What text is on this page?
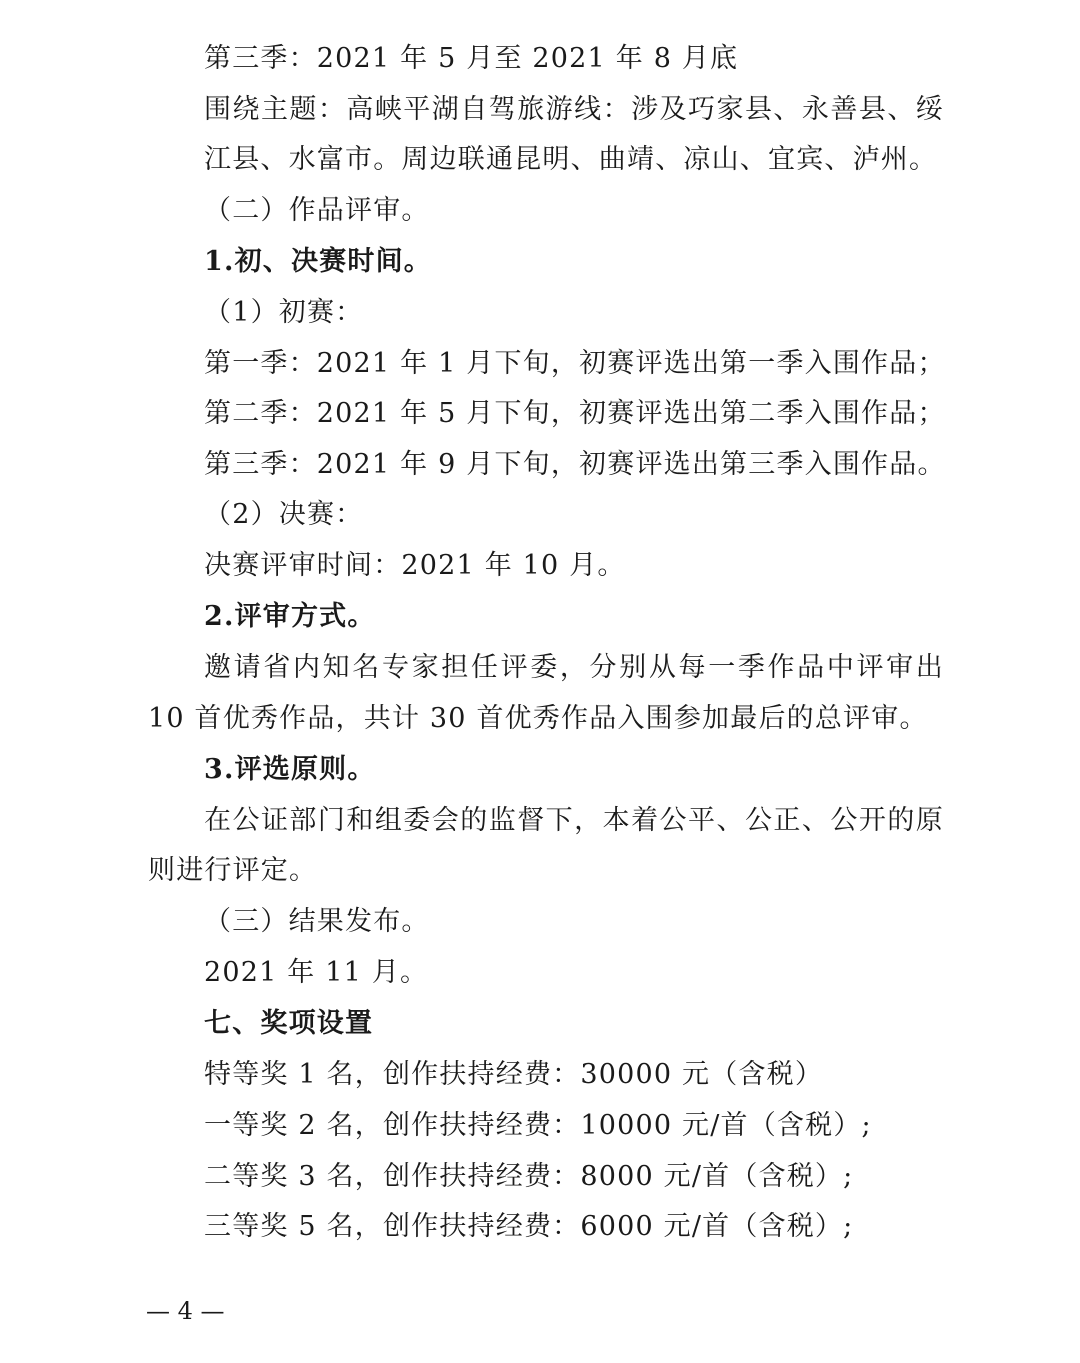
第三季：2021 年 5 月至 2021 年 8 月底
围绕主题：高峡平湖自驾旅游线：涉及巧家县、永善县、绥
江县、水富市。周边联通昆明、曲靖、凉山、宜宾、泸州。
（二）作品评审。
1.初、决赛时间。
（1）初赛：
第一季：2021 年 1 月下旬，初赛评选出第一季入围作品；
第二季：2021 年 5 月下旬，初赛评选出第二季入围作品；
第三季：2021 年 9 月下旬，初赛评选出第三季入围作品。
（2）决赛：
决赛评审时间：2021 年 10 月。
2.评审方式。
邀请省内知名专家担任评委，分别从每一季作品中评审出
10 首优秀作品，共计 30 首优秀作品入围参加最后的总评审。
3.评选原则。
在公证部门和组委会的监督下，本着公平、公正、公开的原
则进行评定。
（三）结果发布。
2021 年 11 月。
七、奖项设置
特等奖 1 名，创作扶持经费：30000 元（含税）
一等奖 2 名，创作扶持经费：10000 元/首（含税）;
二等奖 3 名，创作扶持经费：8000 元/首（含税）;
三等奖 5 名，创作扶持经费：6000 元/首（含税）;
— 4 —
